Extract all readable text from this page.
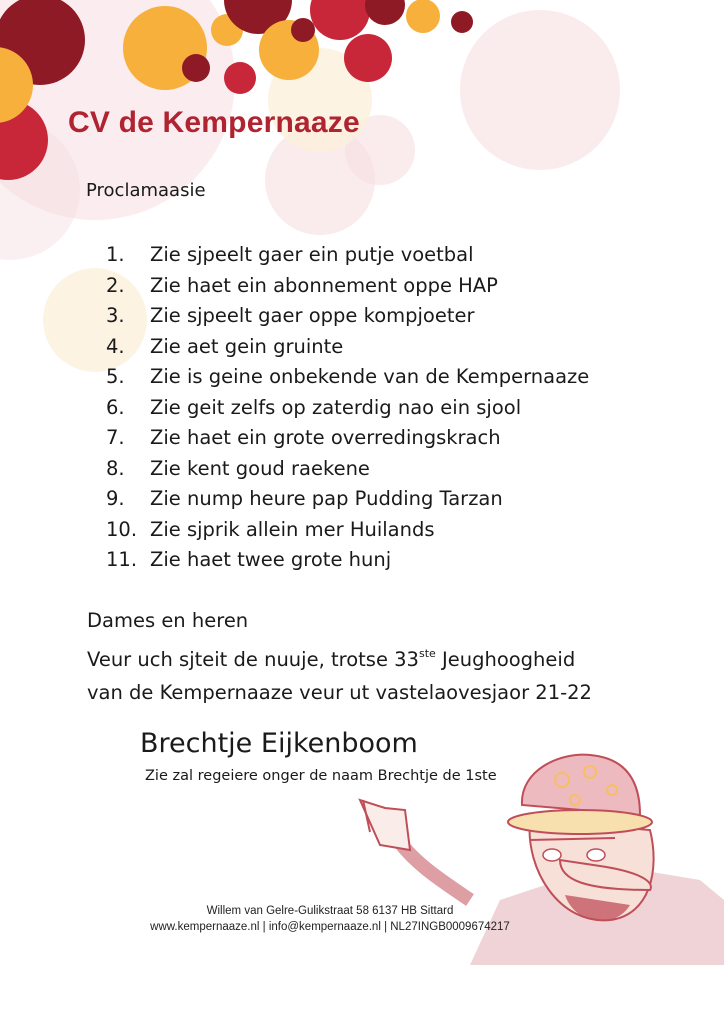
CV de Kempernaaze
Proclamaasie
1. Zie sjpeelt gaer ein putje voetbal
2. Zie haet ein abonnement oppe HAP
3. Zie sjpeelt gaer oppe kompjoeter
4. Zie aet gein gruinte
5. Zie is geine onbekende van de Kempernaaze
6. Zie geit zelfs op zaterdig nao ein sjool
7. Zie haet ein grote overredingskrach
8. Zie kent goud raekene
9. Zie nump heure pap Pudding Tarzan
10. Zie sjprik allein mer Huilands
11. Zie haet twee grote hunj
Dames en heren
Veur uch sjteit de nuuje, trotse 33ste Jeughoogheid
van de Kempernaaze veur ut vastelaovesjaor 21-22
Brechtje Eijkenboom
Zie zal regeiere onger de naam Brechtje de 1ste
Willem van Gelre-Gulikstraat 58 6137 HB Sittard
www.kempernaaze.nl | info@kempernaaze.nl | NL27INGB0009674217
